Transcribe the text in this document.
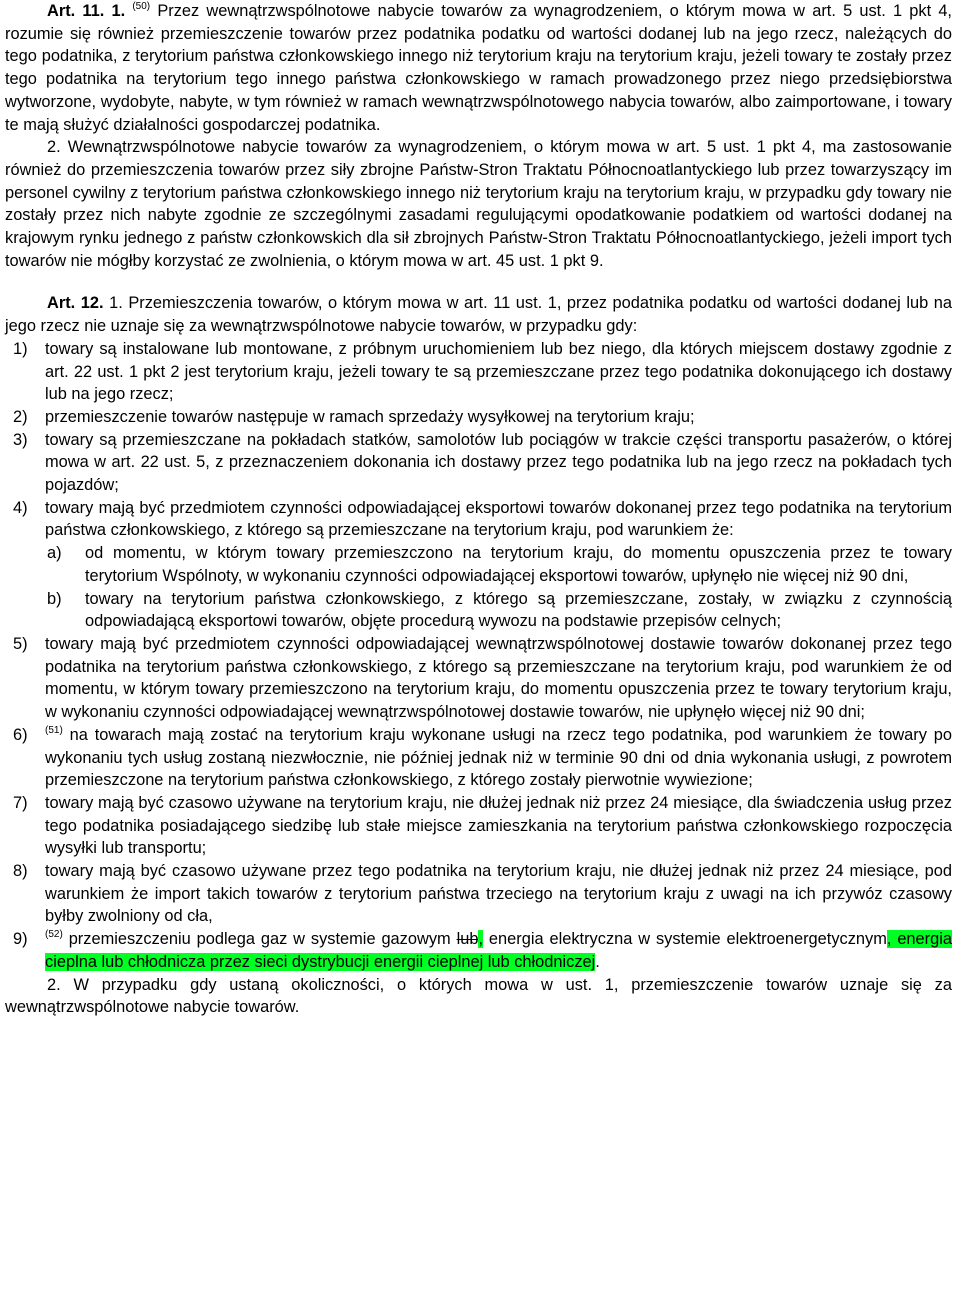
Art. 11. 1. $^{(50)}$ Przez wewnątrzwspólnotowe nabycie towarów za wynagrodzeniem, o którym mowa w art. 5 ust. 1 pkt 4, rozumie się również przemieszczenie towarów przez podatnika podatku od wartości dodanej lub na jego rzecz, należących do tego podatnika, z terytorium państwa członkowskiego innego niż terytorium kraju na terytorium kraju, jeżeli towary te zostały przez tego podatnika na terytorium tego innego państwa członkowskiego w ramach prowadzonego przez niego przedsiębiorstwa wytworzone, wydobyte, nabyte, w tym również w ramach wewnątrzwspólnotowego nabycia towarów, albo zaimportowane, i towary te mają służyć działalności gospodarczej podatnika.

2. Wewnątrzwspólnotowe nabycie towarów za wynagrodzeniem, o którym mowa w art. 5 ust. 1 pkt 4, ma zastosowanie również do przemieszczenia towarów przez siły zbrojne Państw-Stron Traktatu Północnoatlantyckiego lub przez towarzyszący im personel cywilny z terytorium państwa członkowskiego innego niż terytorium kraju na terytorium kraju, w przypadku gdy towary nie zostały przez nich nabyte zgodnie ze szczególnymi zasadami regulującymi opodatkowanie podatkiem od wartości dodanej na krajowym rynku jednego z państw członkowskich dla sił zbrojnych Państw-Stron Traktatu Północnoatlantyckiego, jeżeli import tych towarów nie mógłby korzystać ze zwolnienia, o którym mowa w art. 45 ust. 1 pkt 9.

Art. 12. 1. Przemieszczenia towarów, o którym mowa w art. 11 ust. 1, przez podatnika podatku od wartości dodanej lub na jego rzecz nie uznaje się za wewnątrzwspólnotowe nabycie towarów, w przypadku gdy:

1) towary są instalowane lub montowane, z próbnym uruchomieniem lub bez niego, dla których miejscem dostawy zgodnie z art. 22 ust. 1 pkt 2 jest terytorium kraju, jeżeli towary te są przemieszczane przez tego podatnika dokonującego ich dostawy lub na jego rzecz;
2) przemieszczenie towarów następuje w ramach sprzedaży wysyłkowej na terytorium kraju;
3) towary są przemieszczane na pokładach statków, samolotów lub pociągów w trakcie części transportu pasażerów, o której mowa w art. 22 ust. 5, z przeznaczeniem dokonania ich dostawy przez tego podatnika lub na jego rzecz na pokładach tych pojazdów;
4) towary mają być przedmiotem czynności odpowiadającej eksportowi towarów dokonanej przez tego podatnika na terytorium państwa członkowskiego, z którego są przemieszczane na terytorium kraju, pod warunkiem że:
a) od momentu, w którym towary przemieszczono na terytorium kraju, do momentu opuszczenia przez te towary terytorium Wspólnoty, w wykonaniu czynności odpowiadającej eksportowi towarów, upłynęło nie więcej niż 90 dni,
b) towary na terytorium państwa członkowskiego, z którego są przemieszczane, zostały, w związku z czynnością odpowiadającą eksportowi towarów, objęte procedurą wywozu na podstawie przepisów celnych;
5) towary mają być przedmiotem czynności odpowiadającej wewnątrzwspólnotowej dostawie towarów dokonanej przez tego podatnika na terytorium państwa członkowskiego, z którego są przemieszczane na terytorium kraju, pod warunkiem że od momentu, w którym towary przemieszczono na terytorium kraju, do momentu opuszczenia przez te towary terytorium kraju, w wykonaniu czynności odpowiadającej wewnątrzwspólnotowej dostawie towarów, nie upłynęło więcej niż 90 dni;
6) $^{(51)}$ na towarach mają zostać na terytorium kraju wykonane usługi na rzecz tego podatnika, pod warunkiem że towary po wykonaniu tych usług zostaną niezwłocznie, nie później jednak niż w terminie 90 dni od dnia wykonania usługi, z powrotem przemieszczone na terytorium państwa członkowskiego, z którego zostały pierwotnie wywiezione;
7) towary mają być czasowo używane na terytorium kraju, nie dłużej jednak niż przez 24 miesiące, dla świadczenia usług przez tego podatnika posiadającego siedzibę lub stałe miejsce zamieszkania na terytorium państwa członkowskiego rozpoczęcia wysyłki lub transportu;
8) towary mają być czasowo używane przez tego podatnika na terytorium kraju, nie dłużej jednak niż przez 24 miesiące, pod warunkiem że import takich towarów z terytorium państwa trzeciego na terytorium kraju z uwagi na ich przywóz czasowy byłby zwolniony od cła,
9) $^{(52)}$ przemieszczeniu podlega gaz w systemie gazowym lub, energia elektryczna w systemie elektroenergetycznym, energia cieplna lub chłodnicza przez sieci dystrybucji energii cieplnej lub chłodniczej.

2. W przypadku gdy ustaną okoliczności, o których mowa w ust. 1, przemieszczenie towarów uznaje się za wewnątrzwspólnotowe nabycie towarów.
